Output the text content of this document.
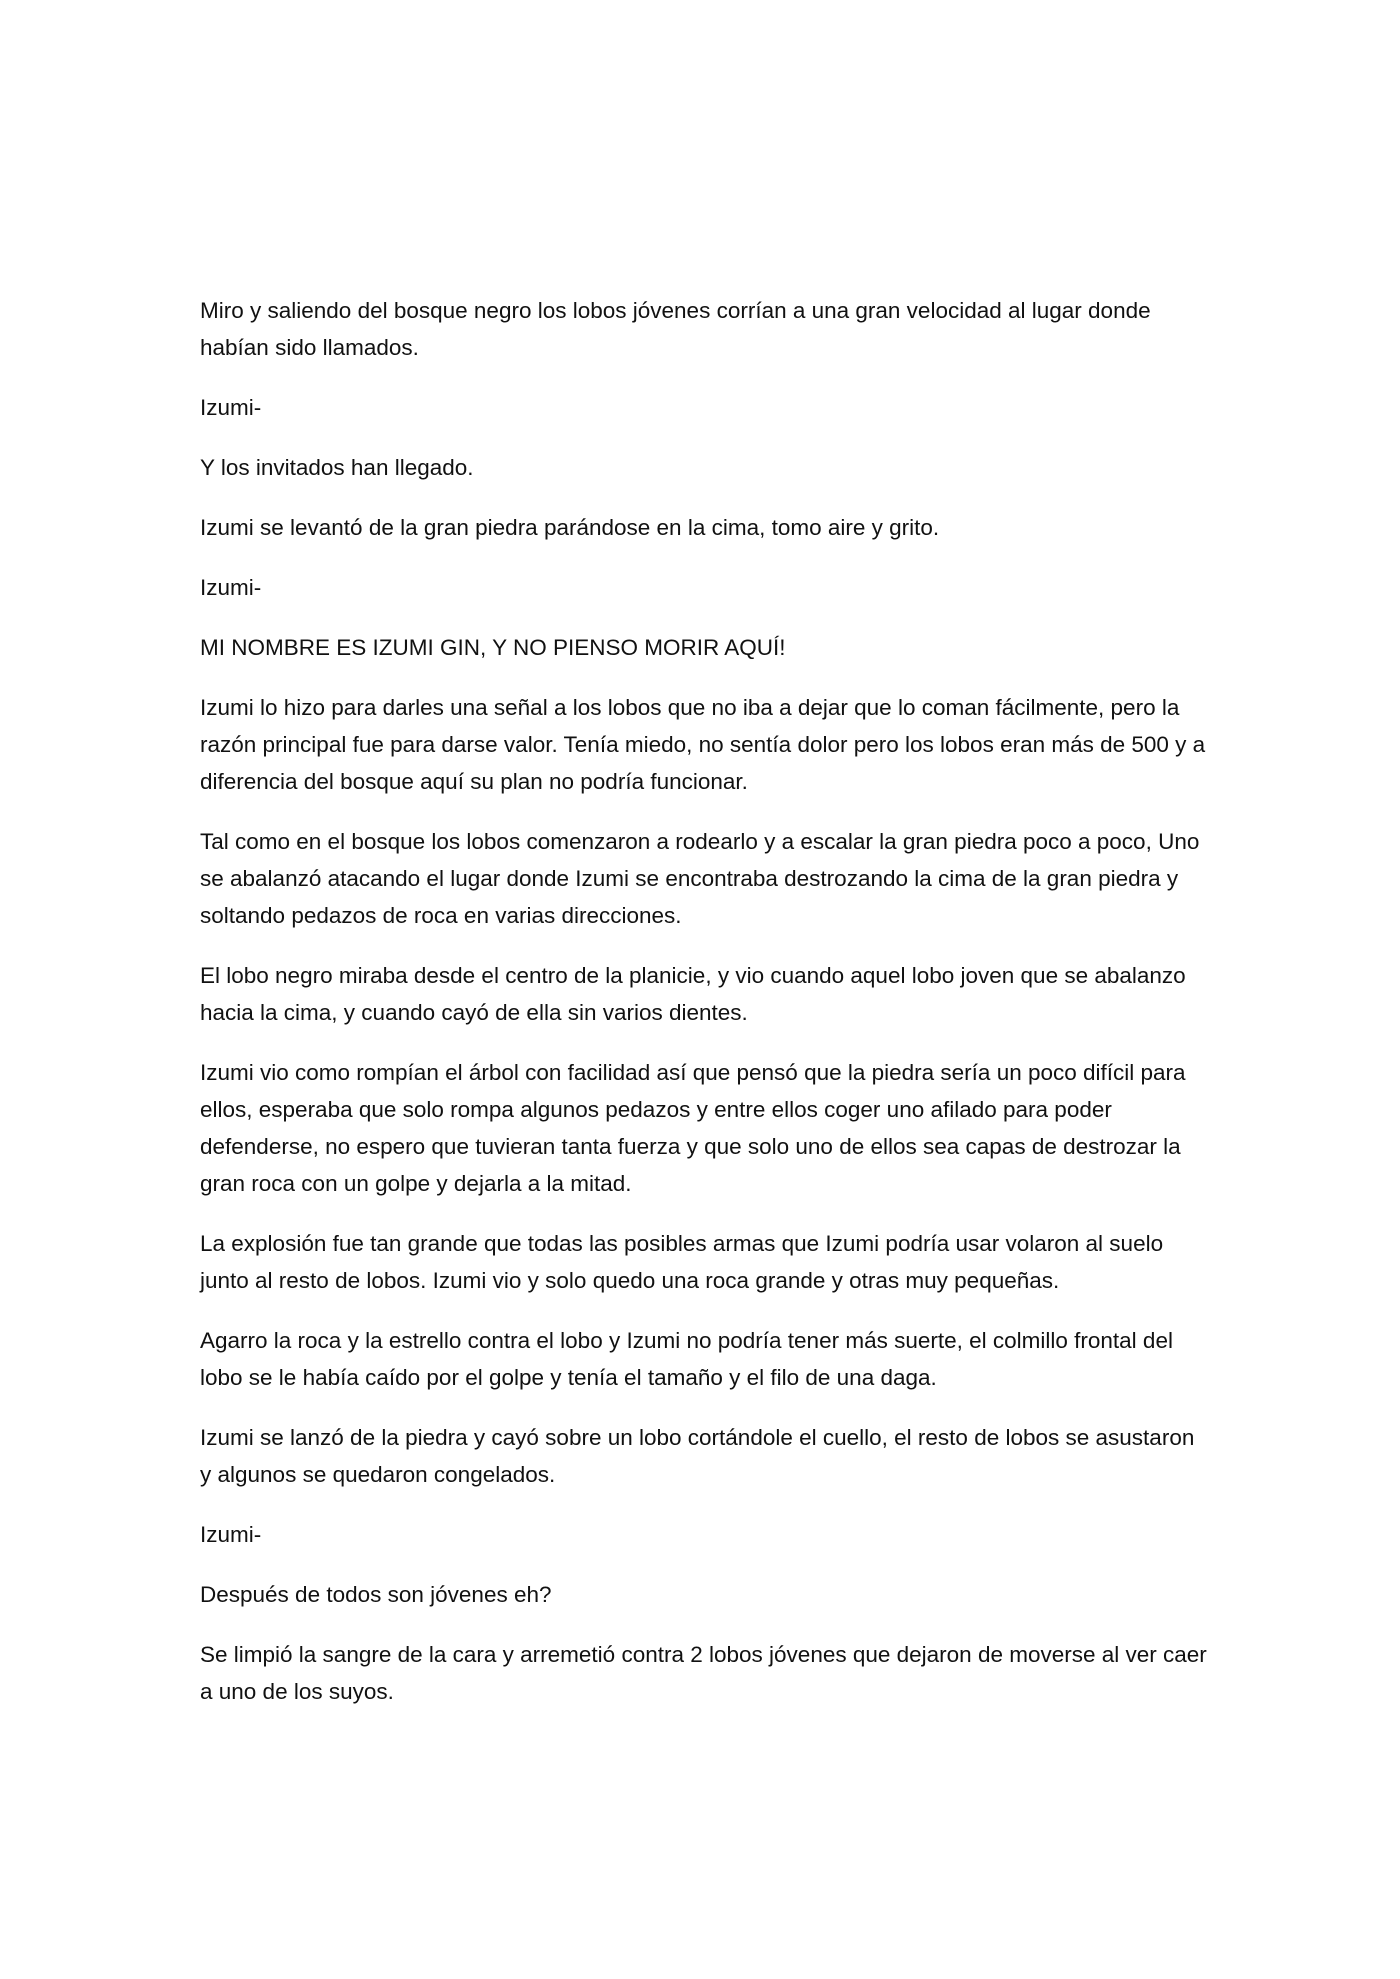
Miro y saliendo del bosque negro los lobos jóvenes corrían a una gran velocidad al lugar donde habían sido llamados.

Izumi-

Y los invitados han llegado.

Izumi se levantó de la gran piedra parándose en la cima, tomo aire y grito.

Izumi-

MI NOMBRE ES IZUMI GIN, Y NO PIENSO MORIR AQUÍ!

Izumi lo hizo para darles una señal a los lobos que no iba a dejar que lo coman fácilmente, pero la razón principal fue para darse valor. Tenía miedo, no sentía dolor pero los lobos eran más de 500 y a diferencia del bosque aquí su plan no podría funcionar.

Tal como en el bosque los lobos comenzaron a rodearlo y a escalar la gran piedra poco a poco, Uno se abalanzó atacando el lugar donde Izumi se encontraba destrozando la cima de la gran piedra y soltando pedazos de roca en varias direcciones.

El lobo negro miraba desde el centro de la planicie, y vio cuando aquel lobo joven que se abalanzo hacia la cima, y cuando cayó de ella sin varios dientes.

Izumi vio como rompían el árbol con facilidad así que pensó que la piedra sería un poco difícil para ellos, esperaba que solo rompa algunos pedazos y entre ellos coger uno afilado para poder defenderse, no espero que tuvieran tanta fuerza y que solo uno de ellos sea capas de destrozar la gran roca con un golpe y dejarla a la mitad.

La explosión fue tan grande que todas las posibles armas que Izumi podría usar volaron al suelo junto al resto de lobos. Izumi vio y solo quedo una roca grande y otras muy pequeñas.

Agarro la roca y la estrello contra el lobo y Izumi no podría tener más suerte, el colmillo frontal del lobo se le había caído por el golpe y tenía el tamaño y el filo de una daga.

Izumi se lanzó de la piedra y cayó sobre un lobo cortándole el cuello, el resto de lobos se asustaron y algunos se quedaron congelados.

Izumi-

Después de todos son jóvenes eh?

Se limpió la sangre de la cara y arremetió contra 2 lobos jóvenes que dejaron de moverse al ver caer a uno de los suyos.
